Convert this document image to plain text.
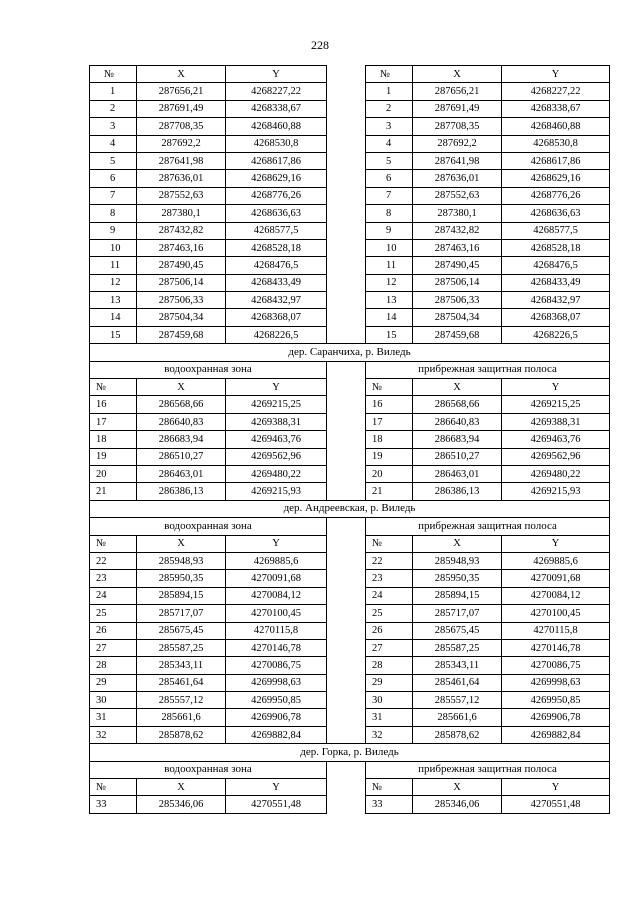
228
№	X	Y		№	X	Y
1	287656,21	4268227,22		1	287656,21	4268227,22
2	287691,49	4268338,67		2	287691,49	4268338,67
3	287708,35	4268460,88		3	287708,35	4268460,88
4	287692,2	4268530,8		4	287692,2	4268530,8
5	287641,98	4268617,86		5	287641,98	4268617,86
6	287636,01	4268629,16		6	287636,01	4268629,16
7	287552,63	4268776,26		7	287552,63	4268776,26
8	287380,1	4268636,63		8	287380,1	4268636,63
9	287432,82	4268577,5		9	287432,82	4268577,5
10	287463,16	4268528,18		10	287463,16	4268528,18
11	287490,45	4268476,5		11	287490,45	4268476,5
12	287506,14	4268433,49		12	287506,14	4268433,49
13	287506,33	4268432,97		13	287506,33	4268432,97
14	287504,34	4268368,07		14	287504,34	4268368,07
15	287459,68	4268226,5		15	287459,68	4268226,5
дер. Саранчиха, р. Виледь						
водоохранная зона				прибрежная защитная полоса		
№	X	Y		№	X	Y
16	286568,66	4269215,25		16	286568,66	4269215,25
17	286640,83	4269388,31		17	286640,83	4269388,31
18	286683,94	4269463,76		18	286683,94	4269463,76
19	286510,27	4269562,96		19	286510,27	4269562,96
20	286463,01	4269480,22		20	286463,01	4269480,22
21	286386,13	4269215,93		21	286386,13	4269215,93
дер. Андреевская, р. Виледь						
водоохранная зона				прибрежная защитная полоса		
№	X	Y		№	X	Y
22	285948,93	4269885,6		22	285948,93	4269885,6
23	285950,35	4270091,68		23	285950,35	4270091,68
24	285894,15	4270084,12		24	285894,15	4270084,12
25	285717,07	4270100,45		25	285717,07	4270100,45
26	285675,45	4270115,8		26	285675,45	4270115,8
27	285587,25	4270146,78		27	285587,25	4270146,78
28	285343,11	4270086,75		28	285343,11	4270086,75
29	285461,64	4269998,63		29	285461,64	4269998,63
30	285557,12	4269950,85		30	285557,12	4269950,85
31	285661,6	4269906,78		31	285661,6	4269906,78
32	285878,62	4269882,84		32	285878,62	4269882,84
дер. Горка, р. Виледь						
водоохранная зона				прибрежная защитная полоса		
№	X	Y		№	X	Y
33	285346,06	4270551,48		33	285346,06	4270551,48
